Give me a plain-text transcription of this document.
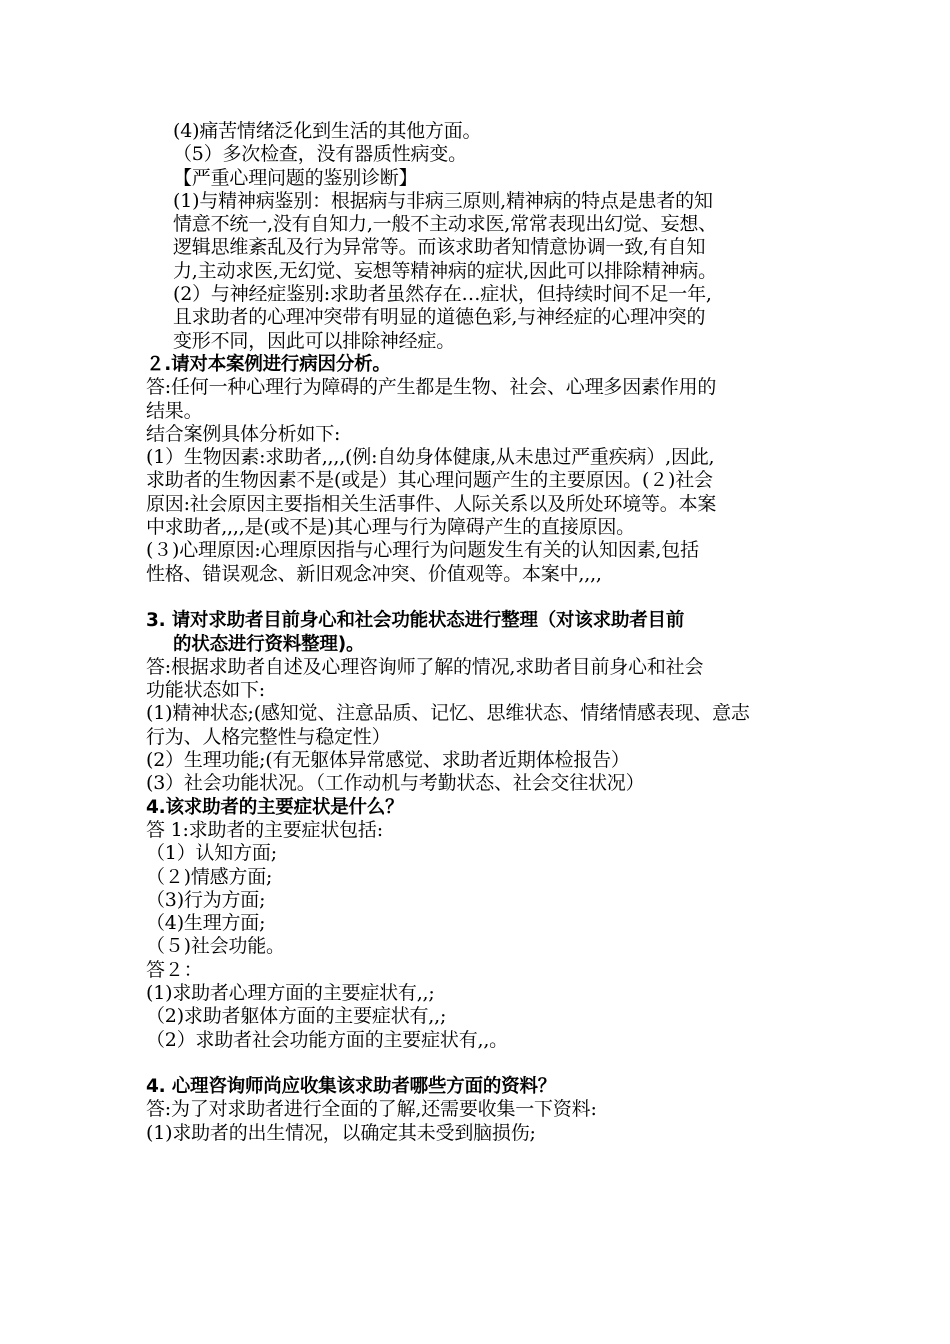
(4)痛苦情绪泛化到生活的其他方面。
（5）多次检查，没有器质性病变。
【严重心理问题的鉴别诊断】
(1)与精神病鉴别：根据病与非病三原则,精神病的特点是患者的知
情意不统一,没有自知力,一般不主动求医,常常表现出幻觉、妄想、
逻辑思维紊乱及行为异常等。而该求助者知情意协调一致,有自知
力,主动求医,无幻觉、妄想等精神病的症状,因此可以排除精神病。
(2）与神经症鉴别:求助者虽然存在…症状，但持续时间不足一年,
且求助者的心理冲突带有明显的道德色彩,与神经症的心理冲突的
变形不同，因此可以排除神经症。
２.请对本案例进行病因分析。
答:任何一种心理行为障碍的产生都是生物、社会、心理多因素作用的
结果。
结合案例具体分析如下:
(1）生物因素:求助者,,,,(例:自幼身体健康,从未患过严重疾病）,因此,
求助者的生物因素不是(或是）其心理问题产生的主要原因。(２)社会
原因:社会原因主要指相关生活事件、人际关系以及所处环境等。本案
中求助者,,,,是(或不是)其心理与行为障碍产生的直接原因。
(３)心理原因:心理原因指与心理行为问题发生有关的认知因素,包括
性格、错误观念、新旧观念冲突、价值观等。本案中,,,,
3. 请对求助者目前身心和社会功能状态进行整理（对该求助者目前
的状态进行资料整理)。
答:根据求助者自述及心理咨询师了解的情况,求助者目前身心和社会
功能状态如下:
(1)精神状态;(感知觉、注意品质、记忆、思维状态、情绪情感表现、意志
行为、人格完整性与稳定性）
(2）生理功能;(有无躯体异常感觉、求助者近期体检报告）
(3）社会功能状况。（工作动机与考勤状态、社会交往状况）
4.该求助者的主要症状是什么？
答 1:求助者的主要症状包括:
（1）认知方面;
（２)情感方面;
（3)行为方面;
（4)生理方面;
（５)社会功能。
答２：
(1)求助者心理方面的主要症状有,,;
（2)求助者躯体方面的主要症状有,,;
（2）求助者社会功能方面的主要症状有,,。
4. 心理咨询师尚应收集该求助者哪些方面的资料？
答:为了对求助者进行全面的了解,还需要收集一下资料:
(1)求助者的出生情况，以确定其未受到脑损伤;
